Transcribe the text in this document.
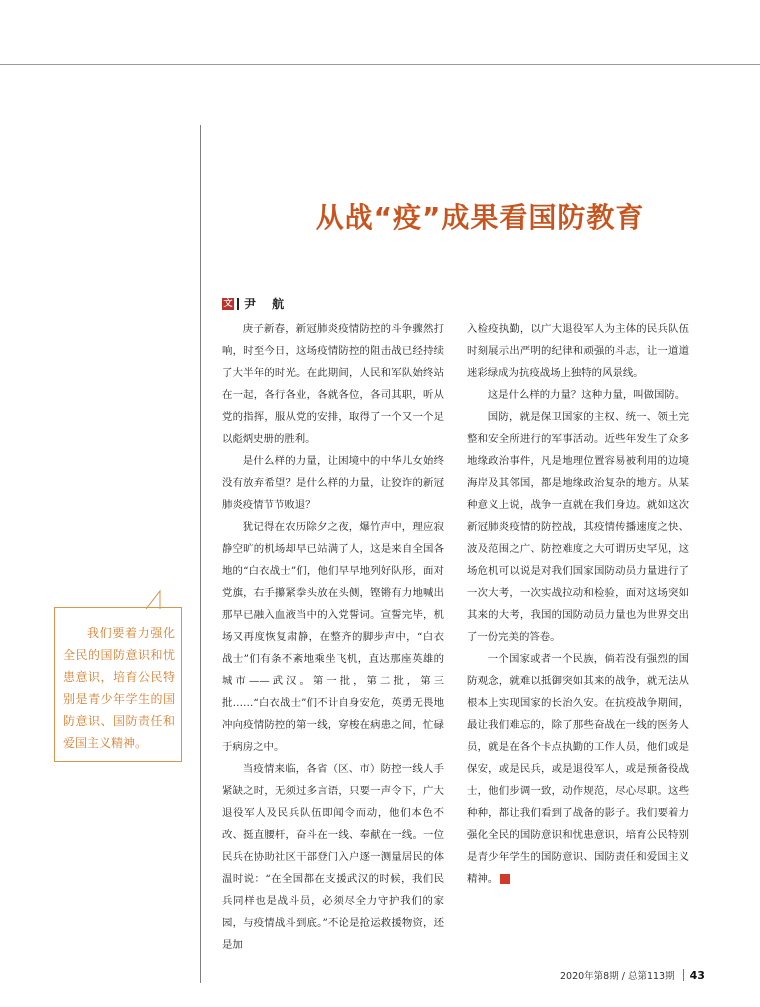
从战“疫”成果看国防教育
文 尹 航

我们要着力强化全民的国防意识和忧患意识，培育公民特别是青少年学生的国防意识、国防责任和爱国主义精神。

庚子新春，新冠肺炎疫情防控的斗争骤然打响，时至今日，这场疫情防控的阻击战已经持续了大半年的时光。在此期间，人民和军队始终站在一起，各行各业，各就各位，各司其职，听从党的指挥，服从党的安排，取得了一个又一个足以彪炳史册的胜利。

是什么样的力量，让困境中的中华儿女始终没有放弃希望？是什么样的力量，让狡诈的新冠肺炎疫情节节败退？

犹记得在农历除夕之夜，爆竹声中，理应寂静空旷的机场却早已站满了人，这是来自全国各地的“白衣战士”们，他们早早地列好队形，面对党旗，右手攥紧拳头放在头侧，铿锵有力地喊出那早已融入血液当中的入党誓词。宣誓完毕，机场又再度恢复肃静，在整齐的脚步声中，“白衣战士”们有条不紊地乘坐飞机，直达那座英雄的城市——武汉。第一批，第二批，第三批……“白衣战士”们不计自身安危，英勇无畏地冲向疫情防控的第一线，穿梭在病患之间，忙碌于病房之中。

当疫情来临，各省（区、市）防控一线人手紧缺之时，无须过多言语，只要一声令下，广大退役军人及民兵队伍即闻令而动，他们本色不改、挺直腰杆，奋斗在一线、奉献在一线。一位民兵在协助社区干部登门入户逐一测量居民的体温时说：“在全国都在支援武汉的时候，我们民兵同样也是战斗员，必须尽全力守护我们的家园，与疫情战斗到底。”不论是抢运救援物资，还是加

入检疫执勤，以广大退役军人为主体的民兵队伍时刻展示出严明的纪律和顽强的斗志，让一道道迷彩绿成为抗疫战场上独特的风景线。

这是什么样的力量？这种力量，叫做国防。

国防，就是保卫国家的主权、统一、领土完整和安全所进行的军事活动。近些年发生了众多地缘政治事件，凡是地理位置容易被利用的边境海岸及其邻国，都是地缘政治复杂的地方。从某种意义上说，战争一直就在我们身边。就如这次新冠肺炎疫情的防控战，其疫情传播速度之快、波及范围之广、防控难度之大可谓历史罕见，这场危机可以说是对我们国家国防动员力量进行了一次大考，一次实战拉动和检验，面对这场突如其来的大考，我国的国防动员力量也为世界交出了一份完美的答卷。

一个国家或者一个民族，倘若没有强烈的国防观念，就难以抵御突如其来的战争，就无法从根本上实现国家的长治久安。在抗疫战争期间，最让我们难忘的，除了那些奋战在一线的医务人员，就是在各个卡点执勤的工作人员，他们或是保安，或是民兵，或是退役军人，或是预备役战士，他们步调一致，动作规范，尽心尽职。这些种种，都让我们看到了战备的影子。我们要着力强化全民的国防意识和忧患意识，培育公民特别是青少年学生的国防意识、国防责任和爱国主义精神。	G

2020年第8期 / 总第113期 43
